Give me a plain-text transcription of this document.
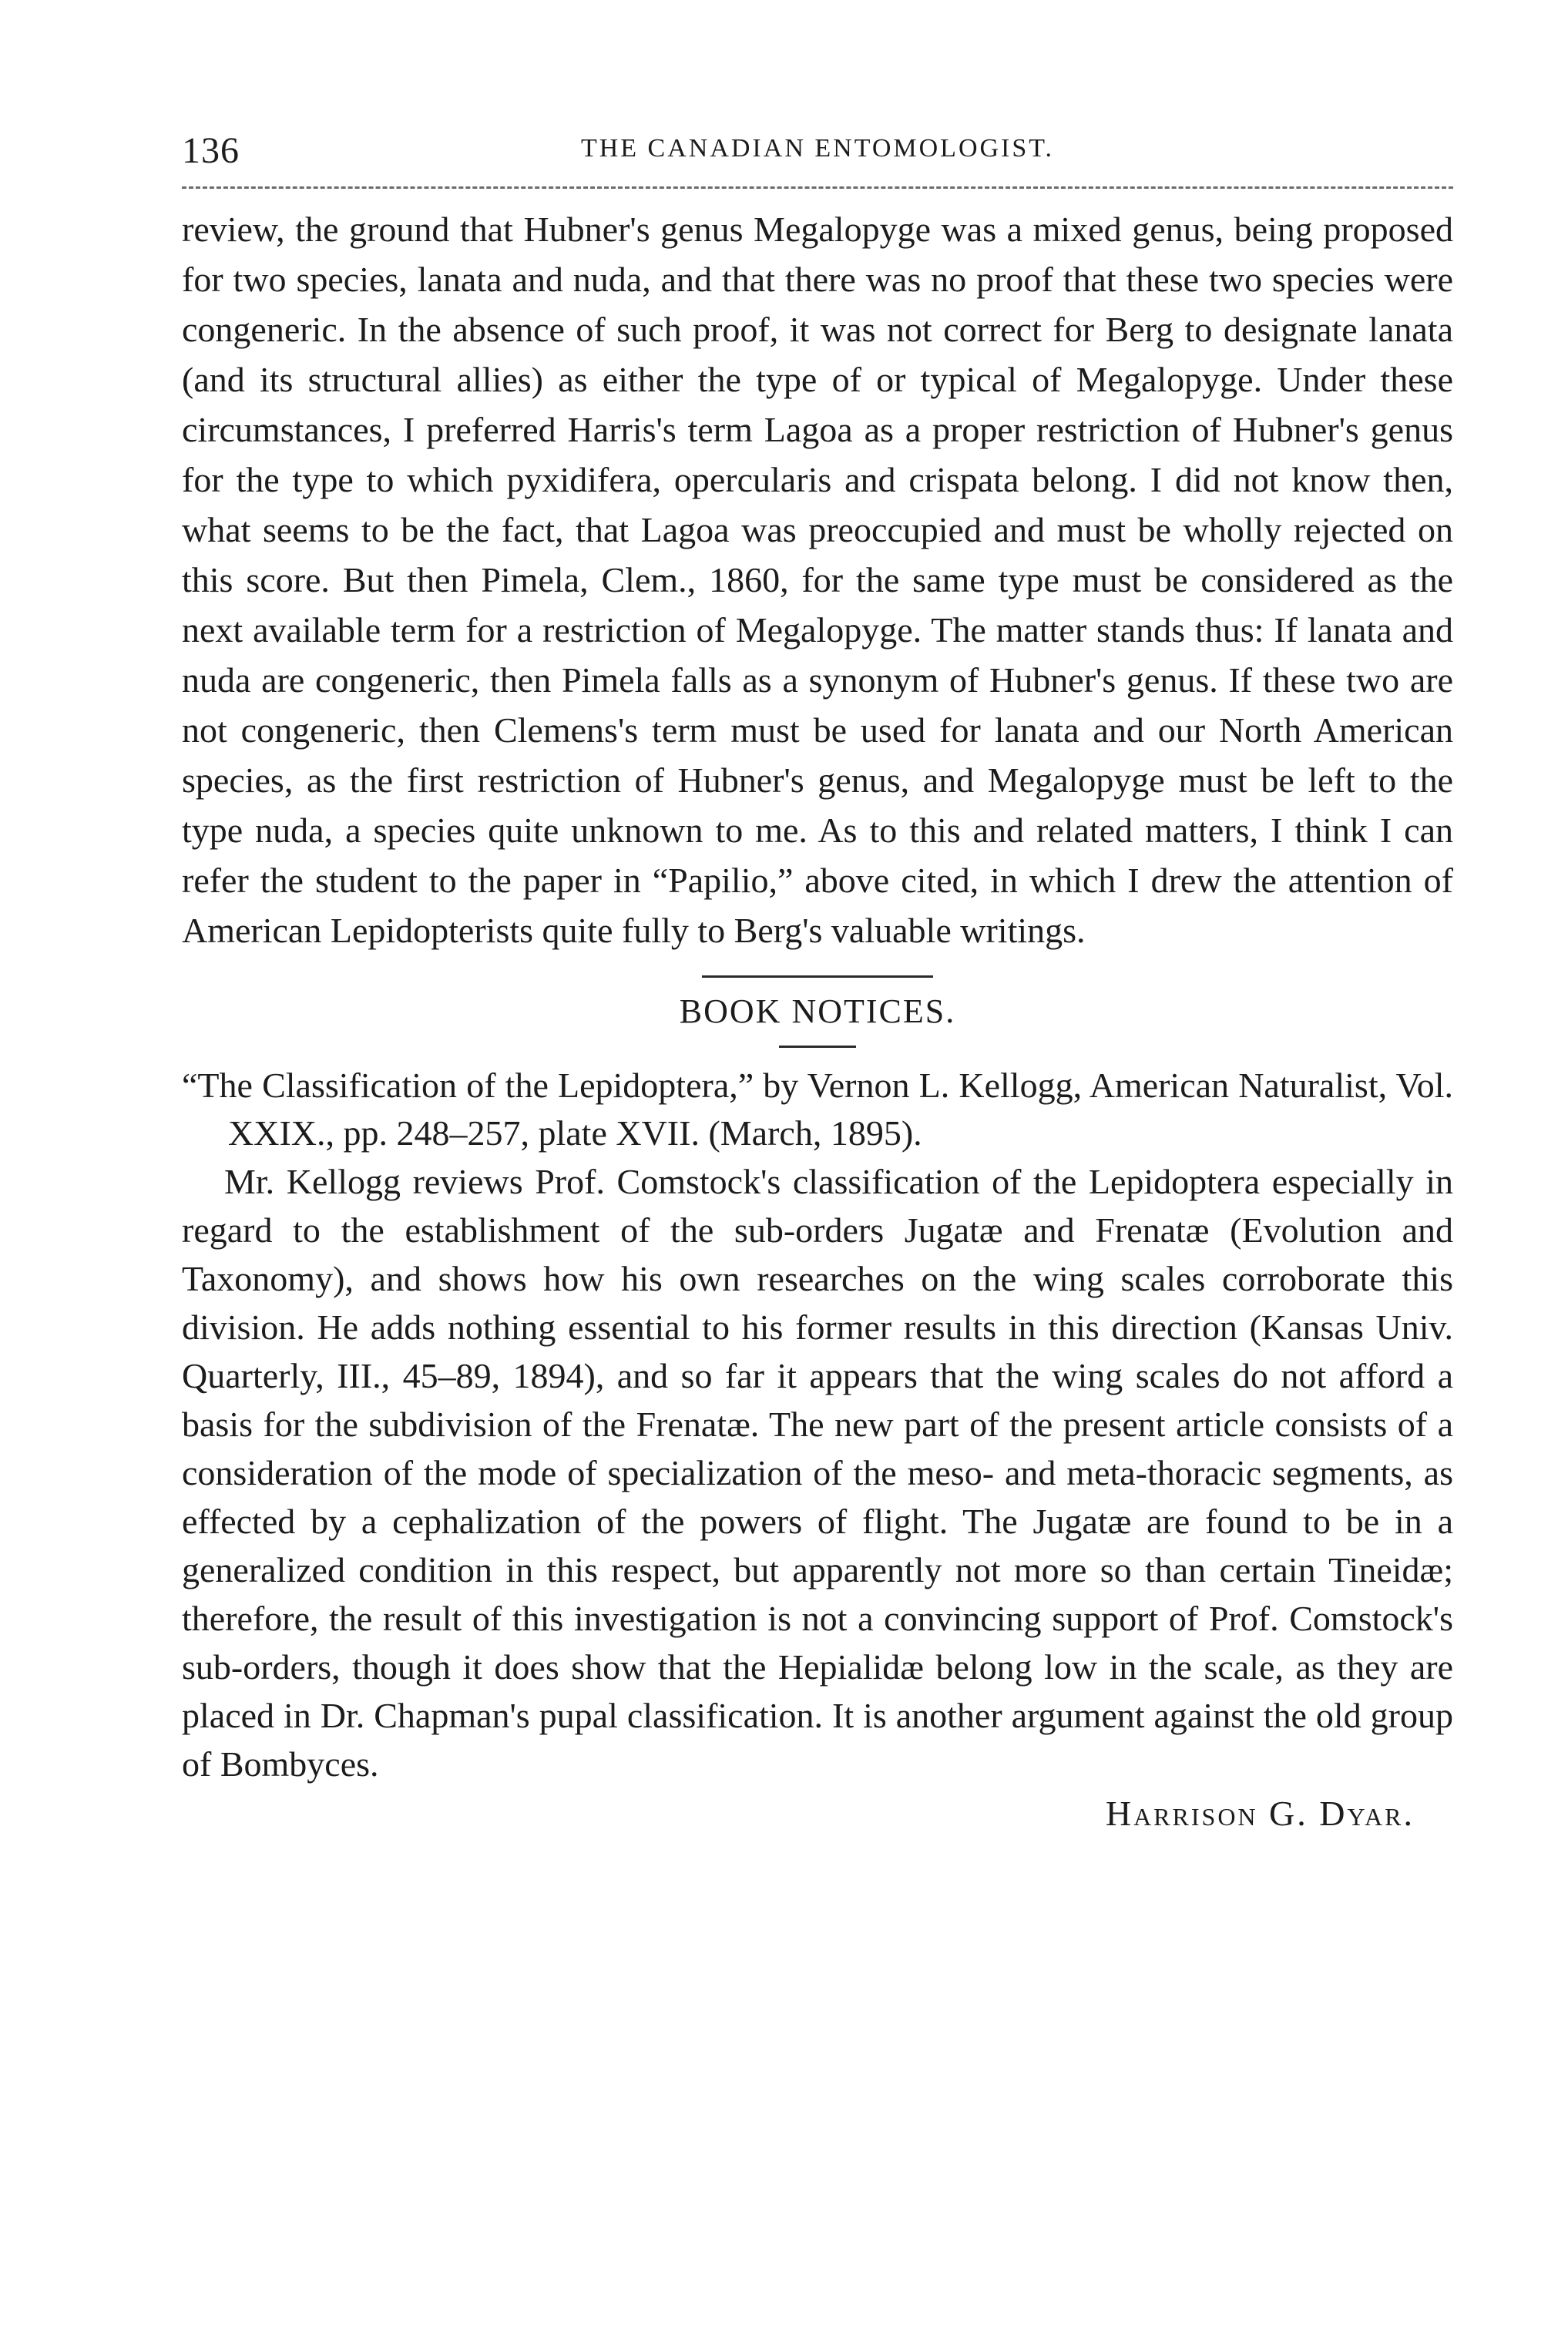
136	THE CANADIAN ENTOMOLOGIST.

review, the ground that Hubner's genus Megalopyge was a mixed genus, being proposed for two species, lanata and nuda, and that there was no proof that these two species were congeneric. In the absence of such proof, it was not correct for Berg to designate lanata (and its structural allies) as either the type of or typical of Megalopyge. Under these circumstances, I preferred Harris's term Lagoa as a proper restriction of Hubner's genus for the type to which pyxidifera, opercularis and crispata belong. I did not know then, what seems to be the fact, that Lagoa was preoccupied and must be wholly rejected on this score. But then Pimela, Clem., 1860, for the same type must be considered as the next available term for a restriction of Megalopyge. The matter stands thus: If lanata and nuda are congeneric, then Pimela falls as a synonym of Hubner's genus. If these two are not congeneric, then Clemens's term must be used for lanata and our North American species, as the first restriction of Hubner's genus, and Megalopyge must be left to the type nuda, a species quite unknown to me. As to this and related matters, I think I can refer the student to the paper in “Papilio,” above cited, in which I drew the attention of American Lepidopterists quite fully to Berg's valuable writings.

BOOK NOTICES.

“The Classification of the Lepidoptera,” by Vernon L. Kellogg, American Naturalist, Vol. XXIX., pp. 248–257, plate XVII. (March, 1895).

Mr. Kellogg reviews Prof. Comstock's classification of the Lepidoptera especially in regard to the establishment of the sub-orders Jugatæ and Frenatæ (Evolution and Taxonomy), and shows how his own researches on the wing scales corroborate this division. He adds nothing essential to his former results in this direction (Kansas Univ. Quarterly, III., 45–89, 1894), and so far it appears that the wing scales do not afford a basis for the subdivision of the Frenatæ. The new part of the present article consists of a consideration of the mode of specialization of the meso- and meta-thoracic segments, as effected by a cephalization of the powers of flight. The Jugatæ are found to be in a generalized condition in this respect, but apparently not more so than certain Tineidæ; therefore, the result of this investigation is not a convincing support of Prof. Comstock's sub-orders, though it does show that the Hepialidæ belong low in the scale, as they are placed in Dr. Chapman's pupal classification. It is another argument against the old group of Bombyces.

Harrison G. Dyar.
